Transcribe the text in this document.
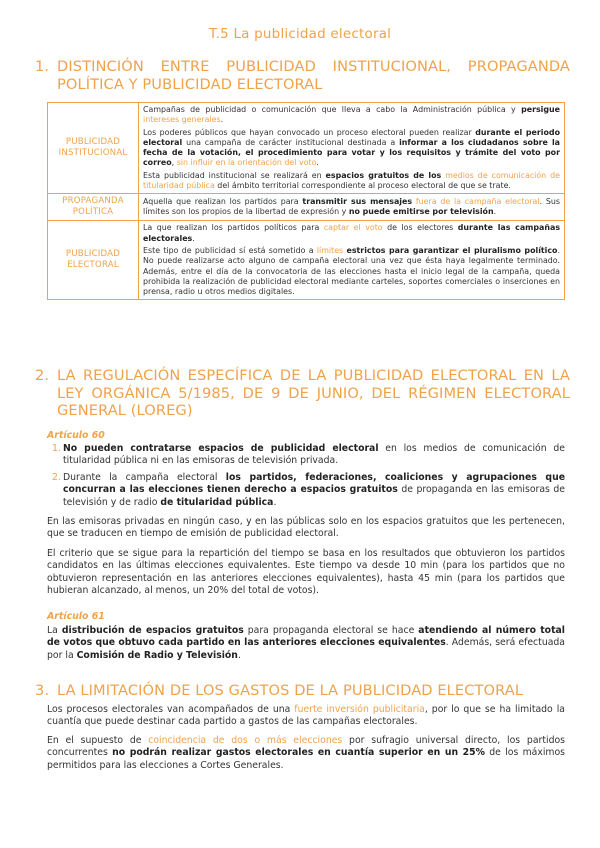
T.5 La publicidad electoral
1. DISTINCIÓN ENTRE PUBLICIDAD INSTITUCIONAL, PROPAGANDA POLÍTICA Y PUBLICIDAD ELECTORAL
PUBLICIDAD INSTITUCIONAL	Campañas de publicidad o comunicación que lleva a cabo la Administración pública y persigue intereses generales.

Los poderes públicos que hayan convocado un proceso electoral pueden realizar durante el periodo electoral una campaña de carácter institucional destinada a informar a los ciudadanos sobre la fecha de la votación, el procedimiento para votar y los requisitos y trámite del voto por correo, sin influir en la orientación del voto.

Esta publicidad institucional se realizará en espacios gratuitos de los medios de comunicación de titularidad pública del ámbito territorial correspondiente al proceso electoral de que se trate.

PROPAGANDA POLÍTICA	Aquella que realizan los partidos para transmitir sus mensajes fuera de la campaña electoral. Sus límites son los propios de la libertad de expresión y no puede emitirse por televisión.

PUBLICIDAD ELECTORAL	La que realizan los partidos políticos para captar el voto de los electores durante las campañas electorales.

Este tipo de publicidad sí está sometido a límites estrictos para garantizar el pluralismo político. No puede realizarse acto alguno de campaña electoral una vez que ésta haya legalmente terminado. Además, entre el día de la convocatoria de las elecciones hasta el inicio legal de la campaña, queda prohibida la realización de publicidad electoral mediante carteles, soportes comerciales o inserciones en prensa, radio u otros medios digitales.

2. LA REGULACIÓN ESPECÍFICA DE LA PUBLICIDAD ELECTORAL EN LA LEY ORGÁNICA 5/1985, DE 9 DE JUNIO, DEL RÉGIMEN ELECTORAL GENERAL (LOREG)
Artículo 60

1. No pueden contratarse espacios de publicidad electoral en los medios de comunicación de titularidad pública ni en las emisoras de televisión privada.

2. Durante la campaña electoral los partidos, federaciones, coaliciones y agrupaciones que concurran a las elecciones tienen derecho a espacios gratuitos de propaganda en las emisoras de televisión y de radio de titularidad pública.

En las emisoras privadas en ningún caso, y en las públicas solo en los espacios gratuitos que les pertenecen, que se traducen en tiempo de emisión de publicidad electoral.

El criterio que se sigue para la repartición del tiempo se basa en los resultados que obtuvieron los partidos candidatos en las últimas elecciones equivalentes. Este tiempo va desde 10 min (para los partidos que no obtuvieron representación en las anteriores elecciones equivalentes), hasta 45 min (para los partidos que hubieran alcanzado, al menos, un 20% del total de votos).

Artículo 61

La distribución de espacios gratuitos para propaganda electoral se hace atendiendo al número total de votos que obtuvo cada partido en las anteriores elecciones equivalentes. Además, será efectuada por la Comisión de Radio y Televisión.

3. LA LIMITACIÓN DE LOS GASTOS DE LA PUBLICIDAD ELECTORAL

Los procesos electorales van acompañados de una fuerte inversión publicitaria, por lo que se ha limitado la cuantía que puede destinar cada partido a gastos de las campañas electorales.

En el supuesto de coincidencia de dos o más elecciones por sufragio universal directo, los partidos concurrentes no podrán realizar gastos electorales en cuantía superior en un 25% de los máximos permitidos para las elecciones a Cortes Generales.
